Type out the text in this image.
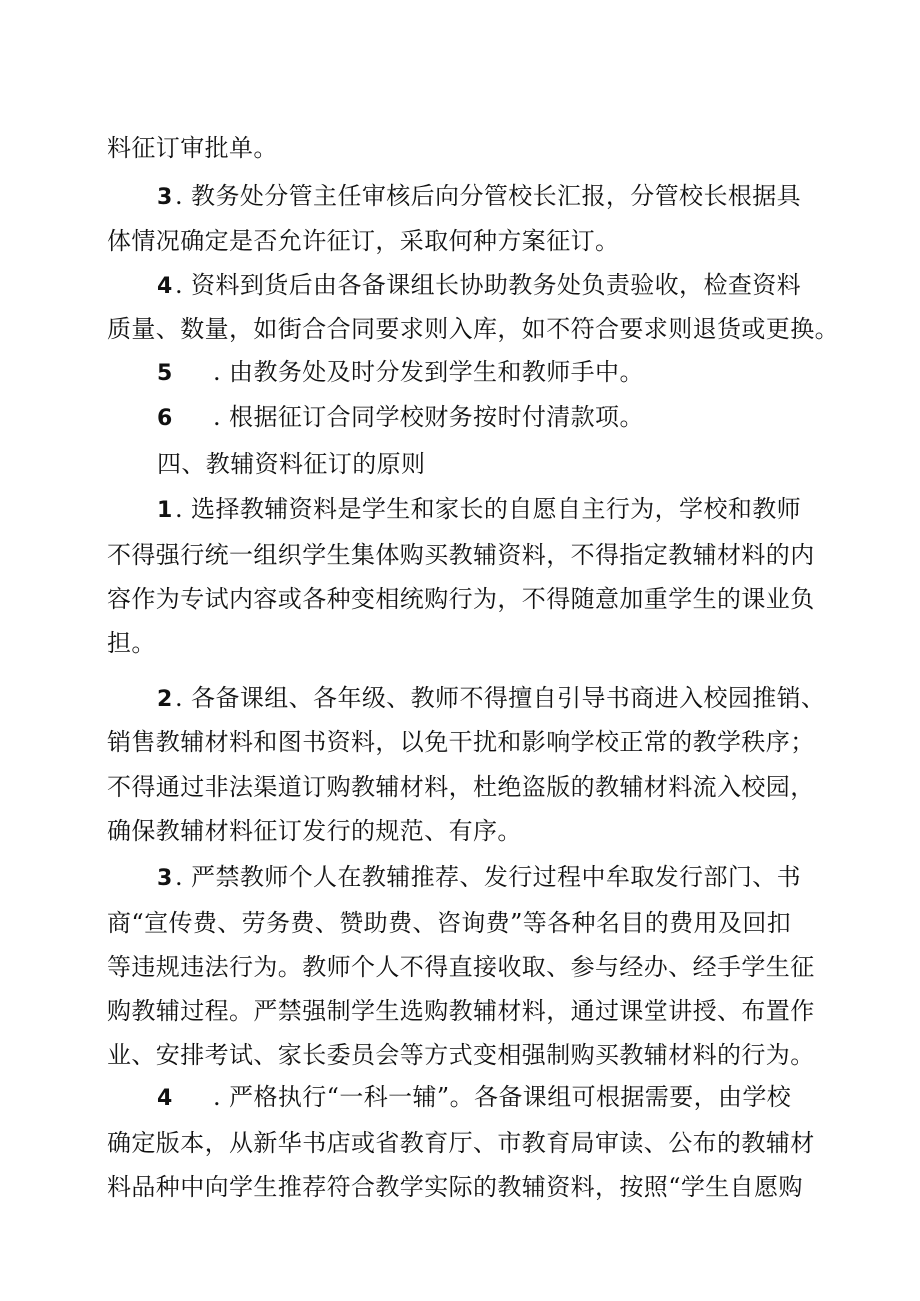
料征订审批单。
3. 教务处分管主任审核后向分管校长汇报，分管校长根据具
体情况确定是否允许征订，采取何种方案征订。
4. 资料到货后由各备课组长协助教务处负责验收，检查资料
质量、数量，如街合合同要求则入库，如不符合要求则退货或更换。
5 . 由教务处及时分发到学生和教师手中。
6 . 根据征订合同学校财务按时付清款项。
四、教辅资料征订的原则
1. 选择教辅资料是学生和家长的自愿自主行为，学校和教师
不得强行统一组织学生集体购买教辅资料，不得指定教辅材料的内
容作为专试内容或各种变相统购行为，不得随意加重学生的课业负
担。
2. 各备课组、各年级、教师不得擅自引导书商进入校园推销、
销售教辅材料和图书资料，以免干扰和影响学校正常的教学秩序；
不得通过非法渠道订购教辅材料，杜绝盗版的教辅材料流入校园，
确保教辅材料征订发行的规范、有序。
3. 严禁教师个人在教辅推荐、发行过程中牟取发行部门、书
商“宣传费、劳务费、赞助费、咨询费”等各种名目的费用及回扣
等违规违法行为。教师个人不得直接收取、参与经办、经手学生征
购教辅过程。严禁强制学生选购教辅材料，通过课堂讲授、布置作
业、安排考试、家长委员会等方式变相强制购买教辅材料的行为。
4 . 严格执行“一科一辅”。各备课组可根据需要，由学校
确定版本，从新华书店或省教育厅、市教育局审读、公布的教辅材
料品种中向学生推荐符合教学实际的教辅资料，按照“学生自愿购
